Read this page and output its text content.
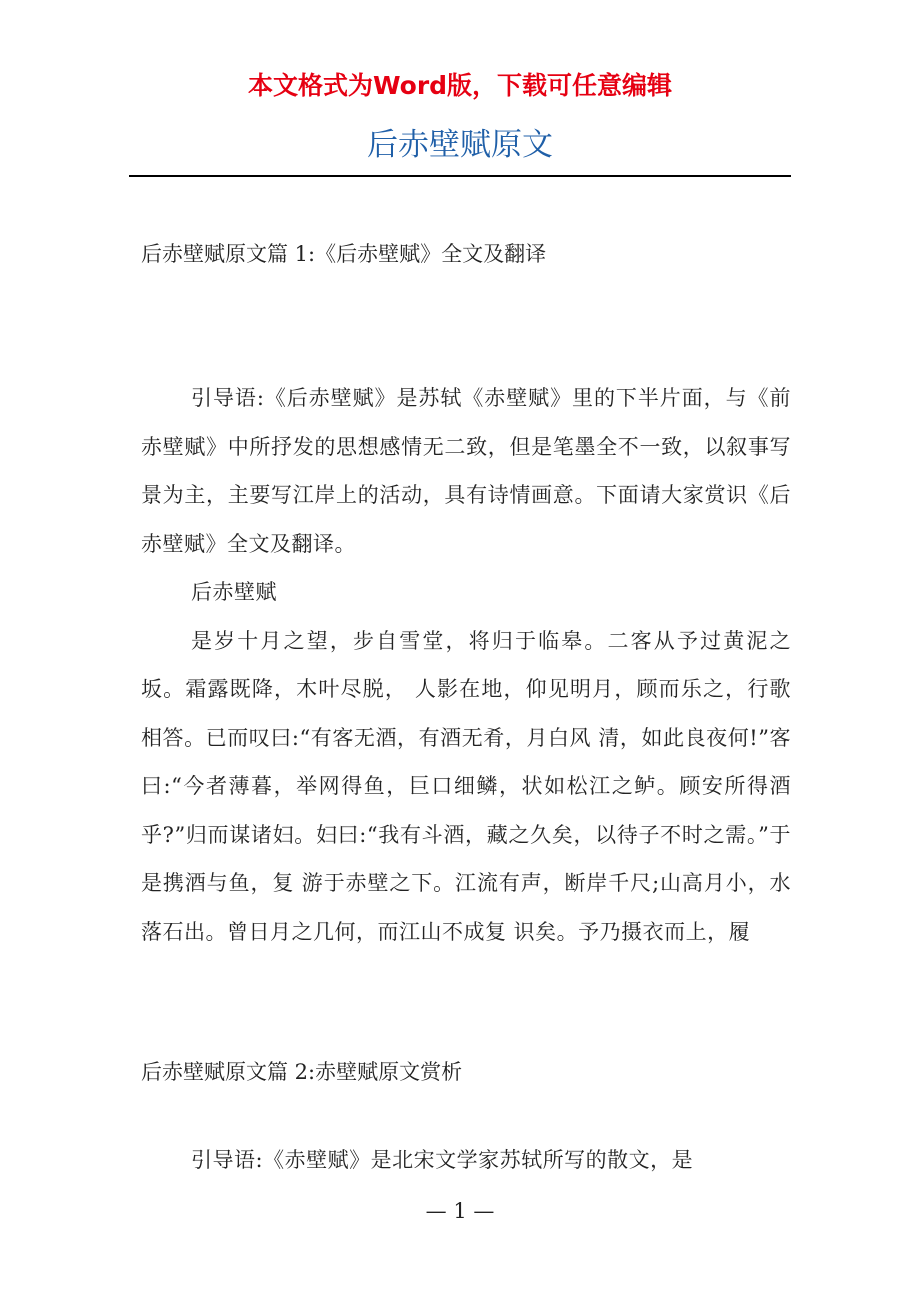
本文格式为Word版，下载可任意编辑
后赤壁赋原文
后赤壁赋原文篇 1:《后赤壁赋》全文及翻译

引导语:《后赤壁赋》是苏轼《赤壁赋》里的下半片面，与《前赤壁赋》中所抒发的思想感情无二致，但是笔墨全不一致，以叙事写景为主，主要写江岸上的活动，具有诗情画意。下面请大家赏识《后赤壁赋》全文及翻译。

后赤壁赋

是岁十月之望，步自雪堂，将归于临皋。二客从予过黄泥之坂。霜露既降，木叶尽脱， 人影在地，仰见明月，顾而乐之，行歌相答。已而叹曰:“有客无酒，有酒无肴，月白风 清，如此良夜何!”客曰:“今者薄暮，举网得鱼，巨口细鳞，状如松江之鲈。顾安所得酒 乎?”归而谋诸妇。妇曰:“我有斗酒，藏之久矣，以待子不时之需。”于是携酒与鱼，复 游于赤壁之下。江流有声，断岸千尺;山高月小，水落石出。曾日月之几何，而江山不成复 识矣。予乃摄衣而上，履

后赤壁赋原文篇 2:赤壁赋原文赏析

引导语:《赤壁赋》是北宋文学家苏轼所写的散文，是

— 1 —
